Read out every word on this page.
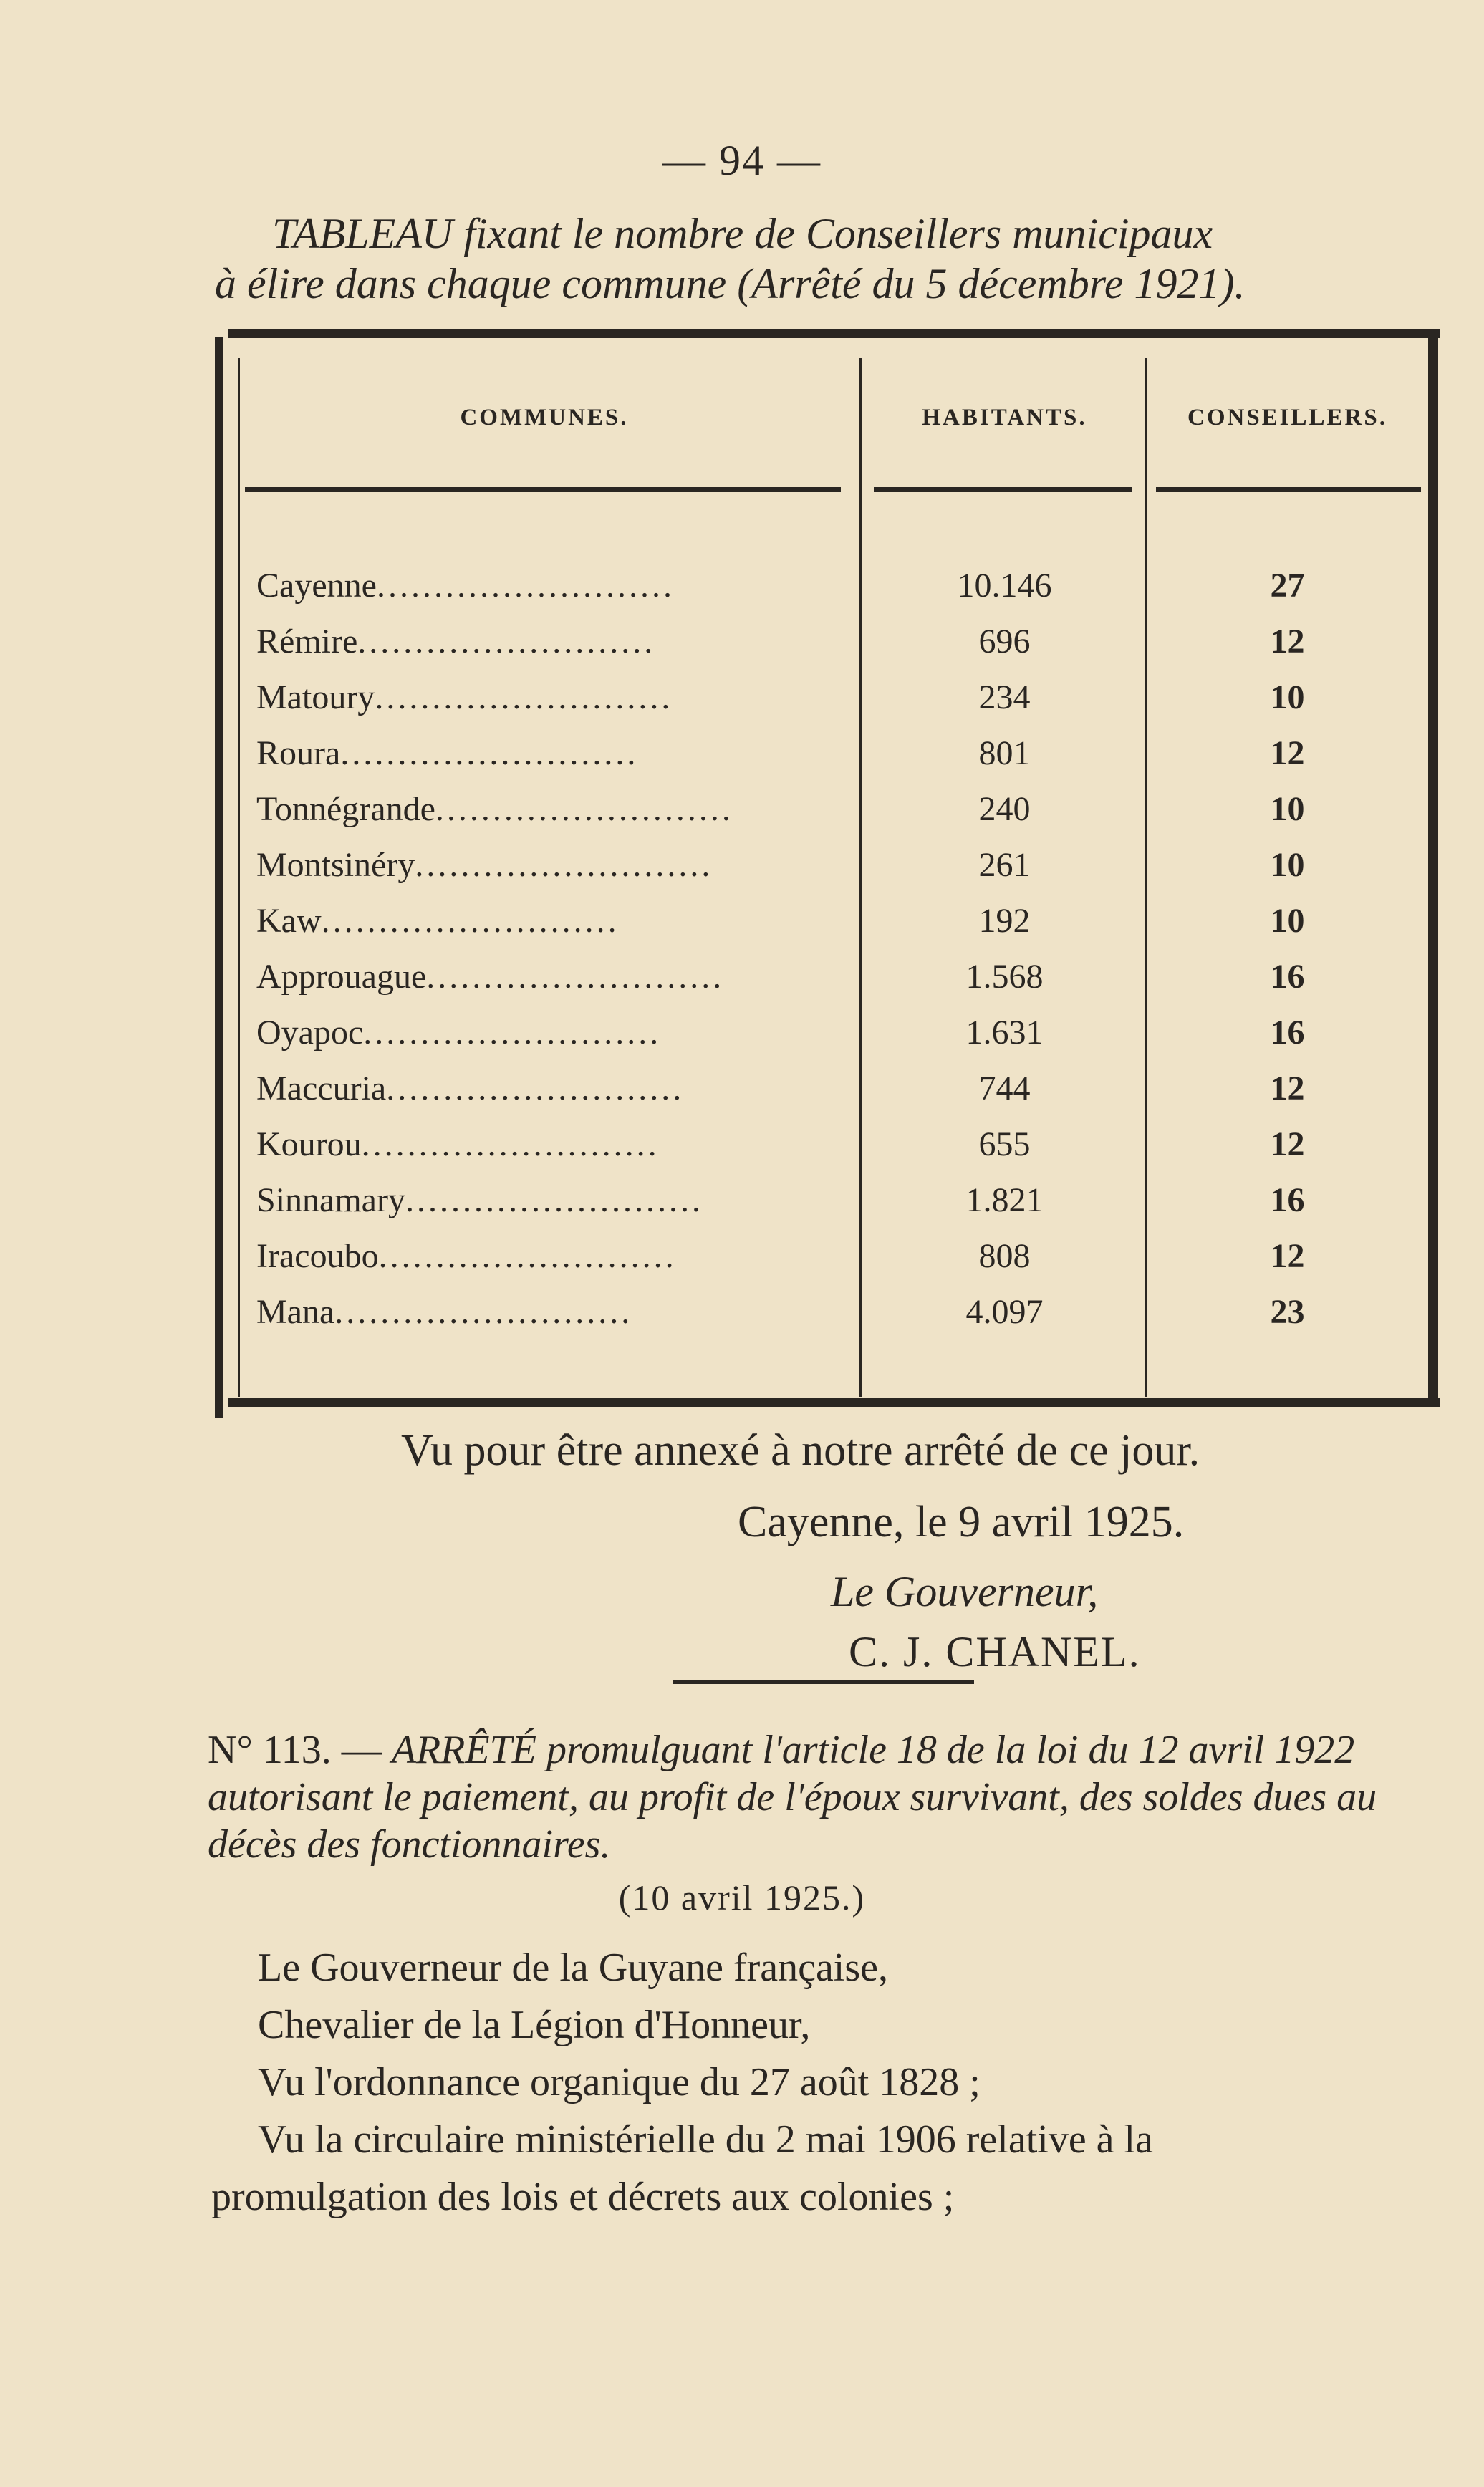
— 94 —
TABLEAU fixant le nombre de Conseillers municipaux
à élire dans chaque commune (Arrêté du 5 décembre 1921).
COMMUNES.	HABITANTS.	CONSEILLERS.
Cayenne..........................	10.146	27
Rémire..........................	696	12
Matoury..........................	234	10
Roura..........................	801	12
Tonnégrande..........................	240	10
Montsinéry..........................	261	10
Kaw..........................	192	10
Approuague..........................	1.568	16
Oyapoc..........................	1.631	16
Maccuria..........................	744	12
Kourou..........................	655	12
Sinnamary..........................	1.821	16
Iracoubo..........................	808	12
Mana..........................	4.097	23
Vu pour être annexé à notre arrêté de ce jour.
Cayenne, le 9 avril 1925.
Le Gouverneur,
C. J. CHANEL.
N° 113. — ARRÊTÉ promulguant l'article 18 de la loi du 12 avril 1922 autorisant le paiement, au profit de l'époux survivant, des soldes dues au décès des fonctionnaires.
(10 avril 1925.)
Le Gouverneur de la Guyane française,
Chevalier de la Légion d'Honneur,
Vu l'ordonnance organique du 27 août 1828 ;
Vu la circulaire ministérielle du 2 mai 1906 relative à la
promulgation des lois et décrets aux colonies ;
